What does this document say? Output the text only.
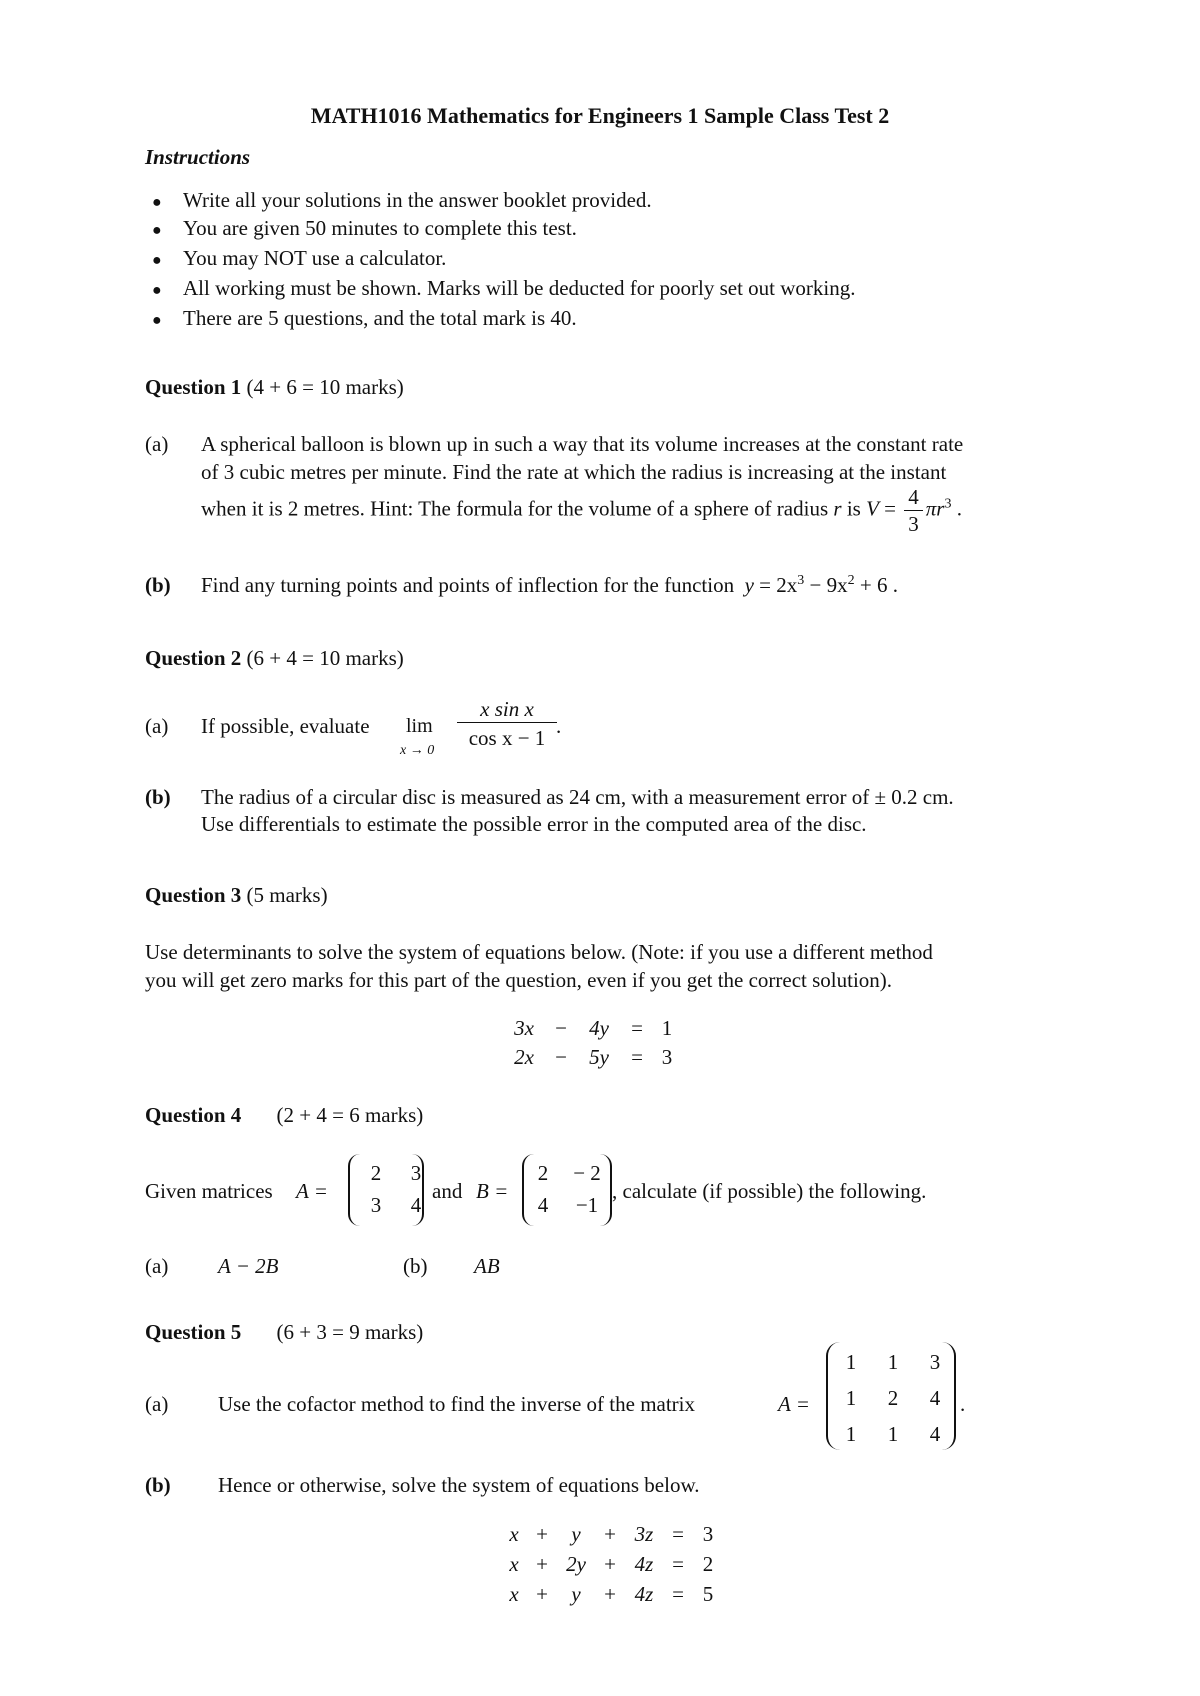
MATH1016 Mathematics for Engineers 1 Sample Class Test 2
Instructions
● Write all your solutions in the answer booklet provided.
● You are given 50 minutes to complete this test.
● You may NOT use a calculator.
● All working must be shown. Marks will be deducted for poorly set out working.
● There are 5 questions, and the total mark is 40.
Question 1 (4 + 6 = 10 marks)
(a) A spherical balloon is blown up in such a way that its volume increases at the constant rate
of 3 cubic metres per minute. Find the rate at which the radius is increasing at the instant
when it is 2 metres. Hint: The formula for the volume of a sphere of radius r is $V = \frac{4}{3} \pi r^3$ .
(b) Find any turning points and points of inflection for the function $y = 2x^3 - 9x^2 + 6$ .
Question 2 (6 + 4 = 10 marks)
(a) If possible, evaluate lim
$x \to 0 \frac{\text{x sin x}}{\text{cos x − 1}}$ .
(b) The radius of a circular disc is measured as 24 cm, with a measurement error of ± 0.2 cm.
Use differentials to estimate the possible error in the computed area of the disc.
Question 3 (5 marks)
Use determinants to solve the system of equations below. (Note: if you use a different method
you will get zero marks for this part of the question, even if you get the correct solution).
3x	−	4y	= 1
2x	−	5y	= 3
Question 4 (2 + 4 = 6 marks)
Given matrices A =
2	3
3	4
and B =
2	− 2
4	−1
, calculate (if possible) the following.
(a) A − 2B	(b) AB
Question 5 (6 + 3 = 9 marks)
(a) Use the cofactor method to find the inverse of the matrix	A =
1	1	3
1	2	4
1	1	4
.
(b) Hence or otherwise, solve the system of equations below.
x +	y	+ 3z = 3
x + 2y + 4z = 2
x +	y	+ 4z = 5
